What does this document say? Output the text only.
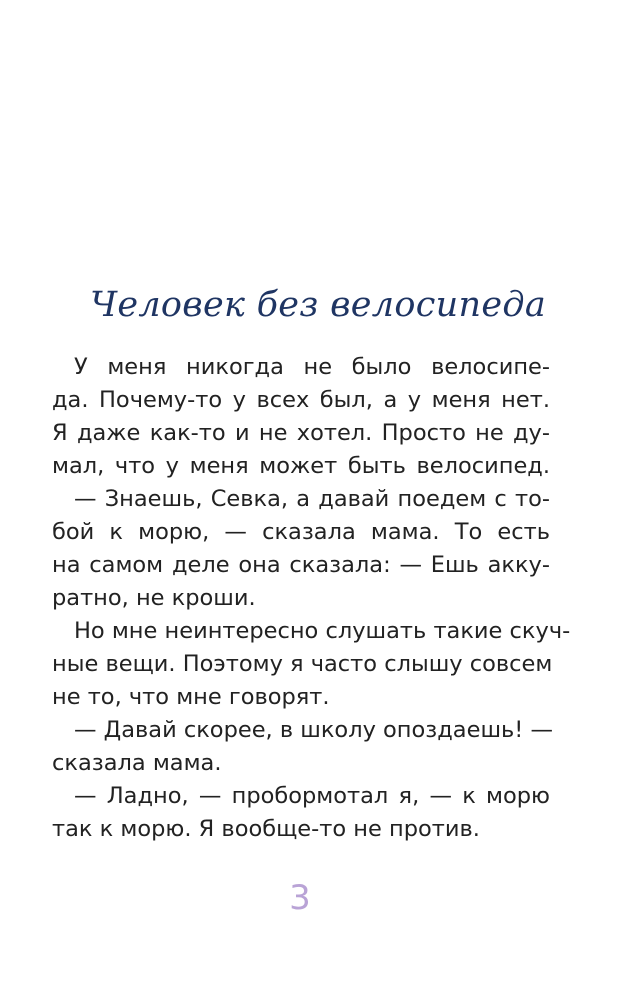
Человек без велосипеда
У меня никогда не было велосипе-
да. Почему-то у всех был, а у меня нет.
Я даже как-то и не хотел. Просто не ду-
мал, что у меня может быть велосипед.
— Знаешь, Севка, а давай поедем с то-
бой к морю, — сказала мама. То есть
на самом деле она сказала: — Ешь акку-
ратно, не кроши.
Но мне неинтересно слушать такие скуч-
ные вещи. Поэтому я часто слышу совсем
не то, что мне говорят.
— Давай скорее, в школу опоздаешь! —
сказала мама.
— Ладно, — пробормотал я, — к морю
так к морю. Я вообще-то не против.
3
